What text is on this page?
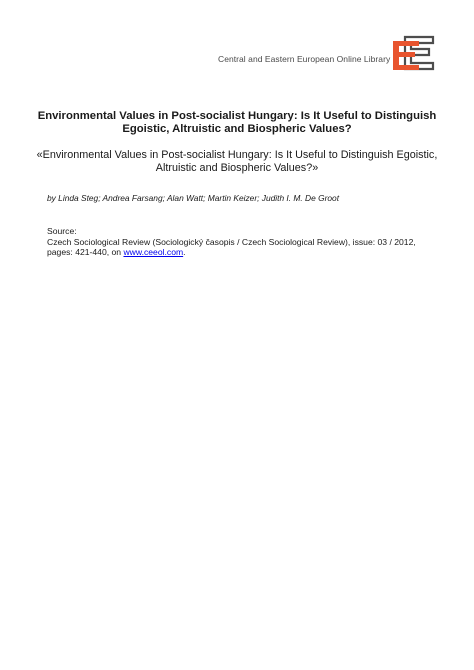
Central and Eastern European Online Library
Environmental Values in Post-socialist Hungary: Is It Useful to Distinguish
Egoistic, Altruistic and Biospheric Values?
«Environmental Values in Post-socialist Hungary: Is It Useful to Distinguish Egoistic,
Altruistic and Biospheric Values?»
by Linda Steg; Andrea Farsang; Alan Watt; Martin Keizer; Judith I. M. De Groot
Source:
Czech Sociological Review (Sociologický časopis / Czech Sociological Review), issue: 03 / 2012,
pages: 421-440, on www.ceeol.com.
